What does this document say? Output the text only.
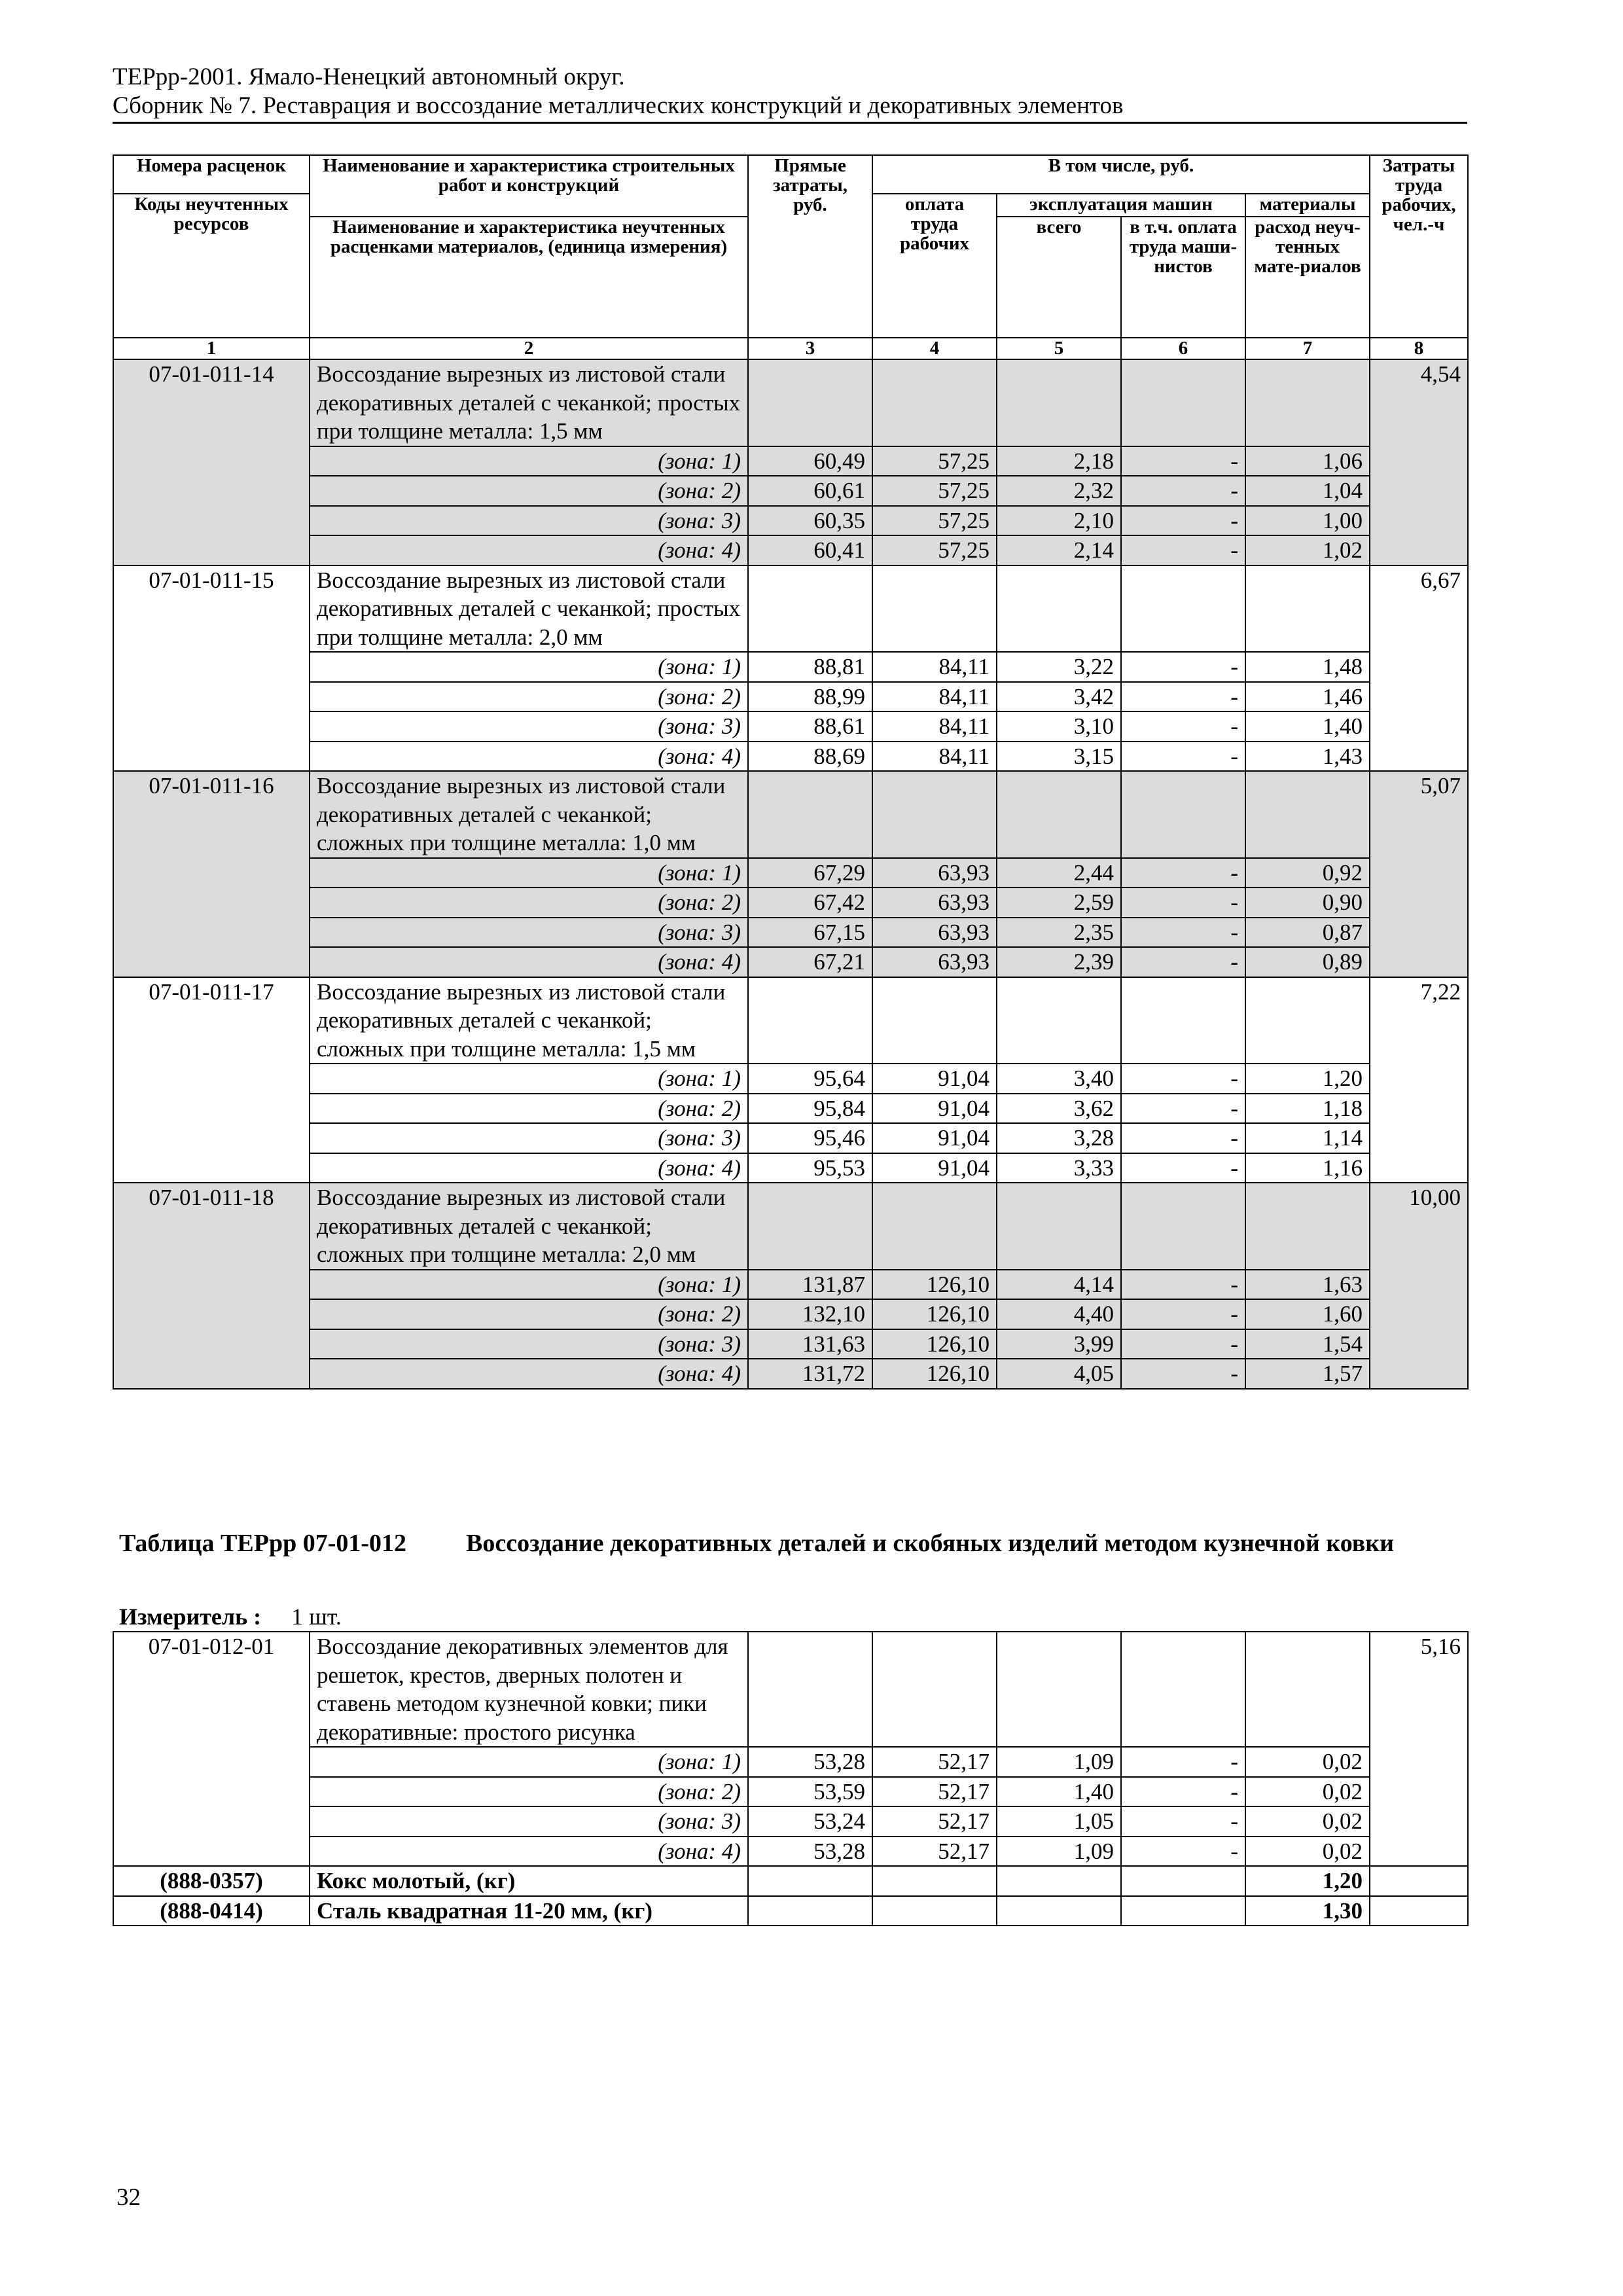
ТЕРрр-2001. Ямало-Ненецкий автономный округ.
Сборник № 7. Реставрация и воссоздание металлических конструкций и декоративных элементов
Номера расценок	Наименование и характеристика строительных работ и конструкций	Прямые затраты, руб.	В том числе, руб.				Затраты труда рабочих, чел.-ч
Коды неучтенных ресурсов			оплата труда рабочих	эксплуатация машин		материалы	
	Наименование и характеристика неучтенных расценками материалов, (единица измерения)			всего	в т.ч. оплата труда маши-нистов	расход неуч-тенных мате-риалов	

1	2	3	4	5	6	7	8
07-01-011-14	Воссоздание вырезных из листовой стали декоративных деталей с чеканкой; простых при толщине металла: 1,5 мм						4,54
	(зона: 1)	60,49	57,25	2,18	-	1,06	
	(зона: 2)	60,61	57,25	2,32	-	1,04	
	(зона: 3)	60,35	57,25	2,10	-	1,00	
	(зона: 4)	60,41	57,25	2,14	-	1,02	
07-01-011-15	Воссоздание вырезных из листовой стали декоративных деталей с чеканкой; простых при толщине металла: 2,0 мм						6,67
	(зона: 1)	88,81	84,11	3,22	-	1,48	
	(зона: 2)	88,99	84,11	3,42	-	1,46	
	(зона: 3)	88,61	84,11	3,10	-	1,40	
	(зона: 4)	88,69	84,11	3,15	-	1,43	
07-01-011-16	Воссоздание вырезных из листовой стали декоративных деталей с чеканкой; сложных при толщине металла: 1,0 мм						5,07
	(зона: 1)	67,29	63,93	2,44	-	0,92	
	(зона: 2)	67,42	63,93	2,59	-	0,90	
	(зона: 3)	67,15	63,93	2,35	-	0,87	
	(зона: 4)	67,21	63,93	2,39	-	0,89	
07-01-011-17	Воссоздание вырезных из листовой стали декоративных деталей с чеканкой; сложных при толщине металла: 1,5 мм						7,22
	(зона: 1)	95,64	91,04	3,40	-	1,20	
	(зона: 2)	95,84	91,04	3,62	-	1,18	
	(зона: 3)	95,46	91,04	3,28	-	1,14	
	(зона: 4)	95,53	91,04	3,33	-	1,16	
07-01-011-18	Воссоздание вырезных из листовой стали декоративных деталей с чеканкой; сложных при толщине металла: 2,0 мм						10,00
	(зона: 1)	131,87	126,10	4,14	-	1,63	
	(зона: 2)	132,10	126,10	4,40	-	1,60	
	(зона: 3)	131,63	126,10	3,99	-	1,54	
	(зона: 4)	131,72	126,10	4,05	-	1,57	
Таблица ТЕРрр 07-01-012 Воссоздание декоративных деталей и скобяных изделий методом кузнечной ковки
Измеритель : 1 шт.
07-01-012-01	Воссоздание декоративных элементов для решеток, крестов, дверных полотен и ставень методом кузнечной ковки; пики декоративные: простого рисунка						5,16
	(зона: 1)	53,28	52,17	1,09	-	0,02	
	(зона: 2)	53,59	52,17	1,40	-	0,02	
	(зона: 3)	53,24	52,17	1,05	-	0,02	
	(зона: 4)	53,28	52,17	1,09	-	0,02	
(888-0357)	Кокс молотый, (кг)					1,20	
(888-0414)	Сталь квадратная 11-20 мм, (кг)					1,30	
32
